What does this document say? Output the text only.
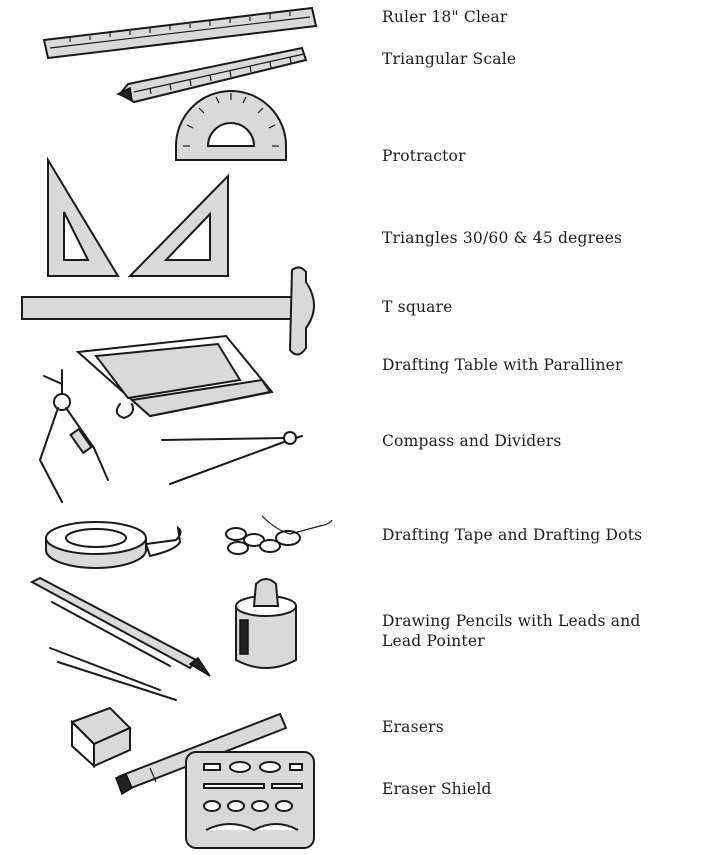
Ruler 18" Clear
Triangular Scale
Protractor
Triangles 30/60 & 45 degrees
T square
Drafting Table with Paralliner
Compass and Dividers
Drafting Tape and Drafting Dots
Drawing Pencils with Leads and
Lead Pointer
Erasers
Eraser Shield
